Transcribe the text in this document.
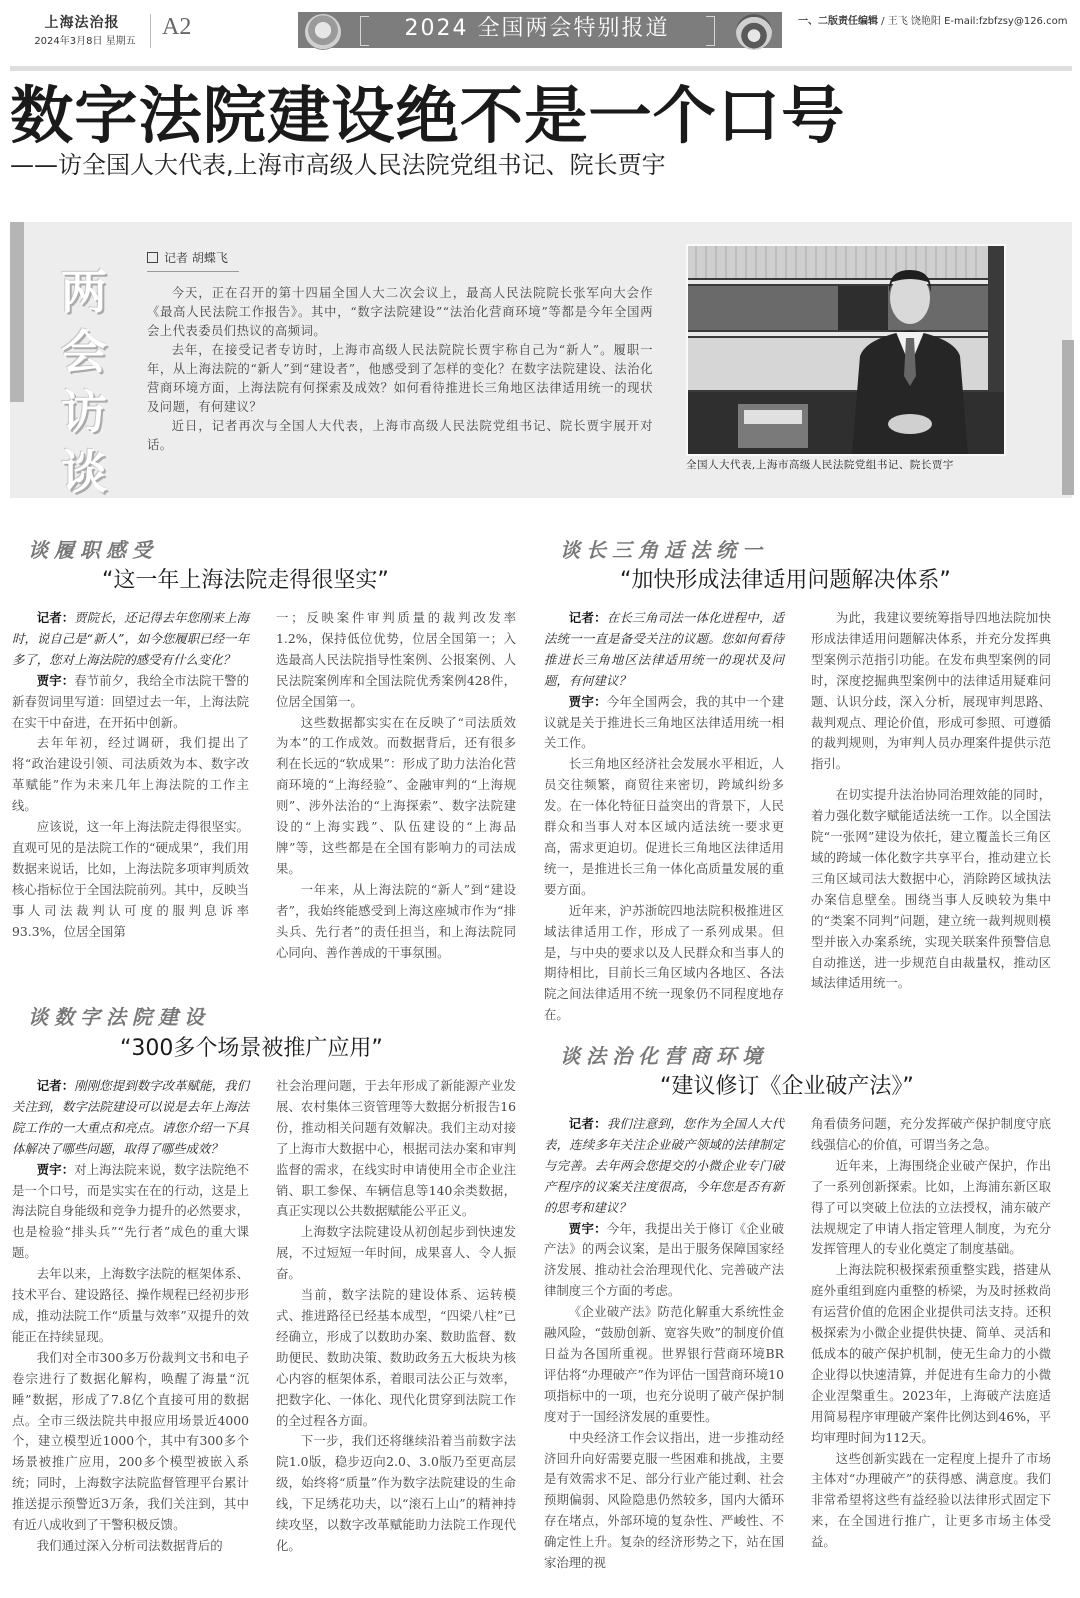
上海法治报
2024年3月8日 星期五
A2	2024 全国两会特别报道	一、二版责任编辑 / 王飞 饶艳阳 E-mail:fzbfzsy@126.com
数字法院建设绝不是一个口号
——访全国人大代表,上海市高级人民法院党组书记、院长贾宇
两会访谈
记者 胡蝶飞

今天，正在召开的第十四届全国人大二次会议上，最高人民法院院长张军向大会作《最高人民法院工作报告》。其中，“数字法院建设”“法治化营商环境”等都是今年全国两会上代表委员们热议的高频词。

去年，在接受记者专访时，上海市高级人民法院院长贾宇称自己为“新人”。履职一年，从上海法院的“新人”到“建设者”，他感受到了怎样的变化？在数字法院建设、法治化营商环境方面，上海法院有何探索及成效？如何看待推进长三角地区法律适用统一的现状及问题，有何建议？

近日，记者再次与全国人大代表，上海市高级人民法院党组书记、院长贾宇展开对话。

全国人大代表,上海市高级人民法院党组书记、院长贾宇
谈履职感受
“这一年上海法院走得很坚实”

记者：贾院长，还记得去年您刚来上海时，说自己是“新人”，如今您履职已经一年多了，您对上海法院的感受有什么变化？

贾宇：春节前夕，我给全市法院干警的新春贺词里写道：回望过去一年，上海法院在实干中奋进，在开拓中创新。

去年年初，经过调研，我们提出了将“政治建设引领、司法质效为本、数字改革赋能”作为未来几年上海法院的工作主线。

应该说，这一年上海法院走得很坚实。直观可见的是法院工作的“硬成果”，我们用数据来说话，比如，上海法院多项审判质效核心指标位于全国法院前列。其中，反映当事人司法裁判认可度的服判息诉率93.3%，位居全国第

一；反映案件审判质量的裁判改发率1.2%，保持低位优势，位居全国第一；入选最高人民法院指导性案例、公报案例、人民法院案例库和全国法院优秀案例428件，位居全国第一。

这些数据都实实在在反映了“司法质效为本”的工作成效。而数据背后，还有很多利在长远的“软成果”：形成了助力法治化营商环境的“上海经验”、金融审判的“上海规则”、涉外法治的“上海探索”、数字法院建设的“上海实践”、队伍建设的“上海品牌”等，这些都是在全国有影响力的司法成果。

一年来，从上海法院的“新人”到“建设者”，我始终能感受到上海这座城市作为“排头兵、先行者”的责任担当，和上海法院同心同向、善作善成的干事氛围。

谈长三角适法统一
“加快形成法律适用问题解决体系”

记者：在长三角司法一体化进程中，适法统一一直是备受关注的议题。您如何看待推进长三角地区法律适用统一的现状及问题，有何建议？

贾宇：今年全国两会，我的其中一个建议就是关于推进长三角地区法律适用统一相关工作。

长三角地区经济社会发展水平相近，人员交往频繁，商贸往来密切，跨域纠纷多发。在一体化特征日益突出的背景下，人民群众和当事人对本区域内适法统一要求更高，需求更迫切。促进长三角地区法律适用统一，是推进长三角一体化高质量发展的重要方面。

近年来，沪苏浙皖四地法院积极推进区域法律适用工作，形成了一系列成果。但是，与中央的要求以及人民群众和当事人的期待相比，目前长三角区域内各地区、各法院之间法律适用不统一现象仍不同程度地存在。

为此，我建议要统筹指导四地法院加快形成法律适用问题解决体系，并充分发挥典型案例示范指引功能。在发布典型案例的同时，深度挖掘典型案例中的法律适用疑难问题、认识分歧，深入分析，展现审判思路、裁判观点、理论价值，形成可参照、可遵循的裁判规则，为审判人员办理案件提供示范指引。

在切实提升法治协同治理效能的同时，着力强化数字赋能适法统一工作。以全国法院“一张网”建设为依托，建立覆盖长三角区域的跨域一体化数字共享平台，推动建立长三角区域司法大数据中心，消除跨区域执法办案信息壁垒。围绕当事人反映较为集中的“类案不同判”问题，建立统一裁判规则模型并嵌入办案系统，实现关联案件预警信息自动推送，进一步规范自由裁量权，推动区域法律适用统一。

谈数字法院建设
“300多个场景被推广应用”

记者：刚刚您提到数字改革赋能，我们关注到，数字法院建设可以说是去年上海法院工作的一大重点和亮点。请您介绍一下具体解决了哪些问题，取得了哪些成效？

贾宇：对上海法院来说，数字法院绝不是一个口号，而是实实在在的行动，这是上海法院自身能级和竞争力提升的必然要求，也是检验“排头兵”“先行者”成色的重大课题。

去年以来，上海数字法院的框架体系、技术平台、建设路径、操作规程已经初步形成，推动法院工作“质量与效率”双提升的效能正在持续显现。

我们对全市300多万份裁判文书和电子卷宗进行了数据化解构，唤醒了海量“沉睡”数据，形成了7.8亿个直接可用的数据点。全市三级法院共申报应用场景近4000个，建立模型近1000个，其中有300多个场景被推广应用，200多个模型被嵌入系统；同时，上海数字法院监督管理平台累计推送提示预警近3万条，我们关注到，其中有近八成收到了干警积极反馈。

我们通过深入分析司法数据背后的

社会治理问题，于去年形成了新能源产业发展、农村集体三资管理等大数据分析报告16份，推动相关问题有效解决。我们主动对接了上海市大数据中心，根据司法办案和审判监督的需求，在线实时申请使用全市企业注销、职工参保、车辆信息等140余类数据，真正实现以公共数据赋能公平正义。

上海数字法院建设从初创起步到快速发展，不过短短一年时间，成果喜人、令人振奋。

当前，数字法院的建设体系、运转模式、推进路径已经基本成型，“四梁八柱”已经确立，形成了以数助办案、数助监督、数助便民、数助决策、数助政务五大板块为核心内容的框架体系，着眼司法公正与效率，把数字化、一体化、现代化贯穿到法院工作的全过程各方面。

下一步，我们还将继续沿着当前数字法院1.0版，稳步迈向2.0、3.0版乃至更高层级，始终将“质量”作为数字法院建设的生命线，下足绣花功夫，以“滚石上山”的精神持续攻坚，以数字改革赋能助力法院工作现代化。

谈法治化营商环境
“建议修订《企业破产法》”

记者：我们注意到，您作为全国人大代表，连续多年关注企业破产领域的法律制定与完善。去年两会您提交的小微企业专门破产程序的议案关注度很高，今年您是否有新的思考和建议？

贾宇：今年，我提出关于修订《企业破产法》的两会议案，是出于服务保障国家经济发展、推动社会治理现代化、完善破产法律制度三个方面的考虑。

《企业破产法》防范化解重大系统性金融风险，“鼓励创新、宽容失败”的制度价值日益为各国所重视。世界银行营商环境BR评估将“办理破产”作为评估一国营商环境10项指标中的一项，也充分说明了破产保护制度对于一国经济发展的重要性。

中央经济工作会议指出，进一步推动经济回升向好需要克服一些困难和挑战，主要是有效需求不足、部分行业产能过剩、社会预期偏弱、风险隐患仍然较多，国内大循环存在堵点，外部环境的复杂性、严峻性、不确定性上升。复杂的经济形势之下，站在国家治理的视

角看债务问题，充分发挥破产保护制度守底线强信心的价值，可谓当务之急。

近年来，上海围绕企业破产保护，作出了一系列创新探索。比如，上海浦东新区取得了可以突破上位法的立法授权，浦东破产法规规定了申请人指定管理人制度，为充分发挥管理人的专业化奠定了制度基础。

上海法院积极探索预重整实践，搭建从庭外重组到庭内重整的桥梁，为及时拯救尚有运营价值的危困企业提供司法支持。还积极探索为小微企业提供快捷、简单、灵活和低成本的破产保护机制，使无生命力的小微企业得以快速清算，并促进有生命力的小微企业涅槃重生。2023年，上海破产法庭适用简易程序审理破产案件比例达到46%，平均审理时间为112天。

这些创新实践在一定程度上提升了市场主体对“办理破产”的获得感、满意度。我们非常希望将这些有益经验以法律形式固定下来，在全国进行推广，让更多市场主体受益。
